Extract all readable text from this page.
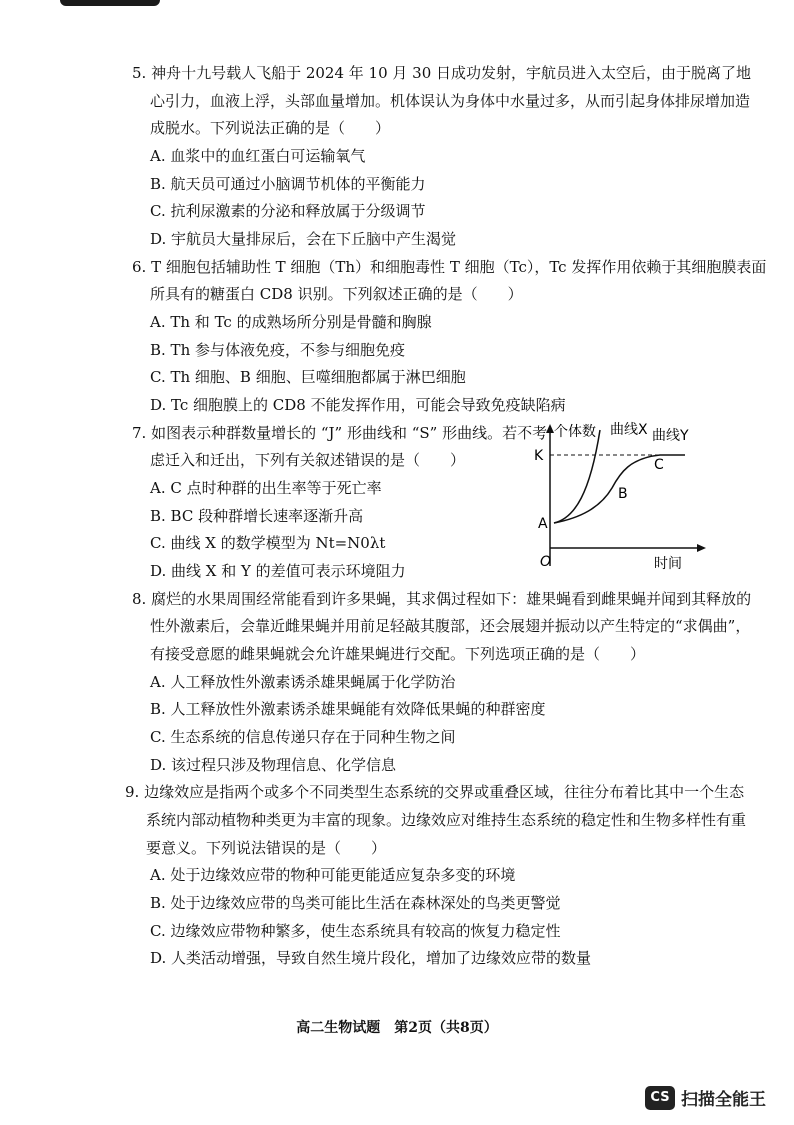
5. 神舟十九号载人飞船于 2024 年 10 月 30 日成功发射，宇航员进入太空后，由于脱离了地
心引力，血液上浮，头部血量增加。机体误认为身体中水量过多，从而引起身体排尿增加造
成脱水。下列说法正确的是（　　）
A. 血浆中的血红蛋白可运输氧气
B. 航天员可通过小脑调节机体的平衡能力
C. 抗利尿激素的分泌和释放属于分级调节
D. 宇航员大量排尿后，会在下丘脑中产生渴觉
6. T 细胞包括辅助性 T 细胞（Th）和细胞毒性 T 细胞（Tc），Tc 发挥作用依赖于其细胞膜表面
所具有的糖蛋白 CD8 识别。下列叙述正确的是（　　）
A. Th 和 Tc 的成熟场所分别是骨髓和胸腺
B. Th 参与体液免疫，不参与细胞免疫
C. Th 细胞、B 细胞、巨噬细胞都属于淋巴细胞
D. Tc 细胞膜上的 CD8 不能发挥作用，可能会导致免疫缺陷病
7. 如图表示种群数量增长的 “J” 形曲线和 “S” 形曲线。若不考
虑迁入和迁出，下列有关叙述错误的是（　　）
A. C 点时种群的出生率等于死亡率
B. BC 段种群增长速率逐渐升高
C. 曲线 X 的数学模型为 Nt=N0λt
D. 曲线 X 和 Y 的差值可表示环境阻力
个体数 曲线X 曲线Y
K
A
B
C
O	时间
8. 腐烂的水果周围经常能看到许多果蝇，其求偶过程如下：雄果蝇看到雌果蝇并闻到其释放的
性外激素后，会靠近雌果蝇并用前足轻敲其腹部，还会展翅并振动以产生特定的“求偶曲”，
有接受意愿的雌果蝇就会允许雄果蝇进行交配。下列选项正确的是（　　）
A. 人工释放性外激素诱杀雄果蝇属于化学防治
B. 人工释放性外激素诱杀雄果蝇能有效降低果蝇的种群密度
C. 生态系统的信息传递只存在于同种生物之间
D. 该过程只涉及物理信息、化学信息
9. 边缘效应是指两个或多个不同类型生态系统的交界或重叠区域，往往分布着比其中一个生态
系统内部动植物种类更为丰富的现象。边缘效应对维持生态系统的稳定性和生物多样性有重
要意义。下列说法错误的是（　　）
A. 处于边缘效应带的物种可能更能适应复杂多变的环境
B. 处于边缘效应带的鸟类可能比生活在森林深处的鸟类更警觉
C. 边缘效应带物种繁多，使生态系统具有较高的恢复力稳定性
D. 人类活动增强，导致自然生境片段化，增加了边缘效应带的数量
高二生物试题　第2页（共8页）
CS 扫描全能王
